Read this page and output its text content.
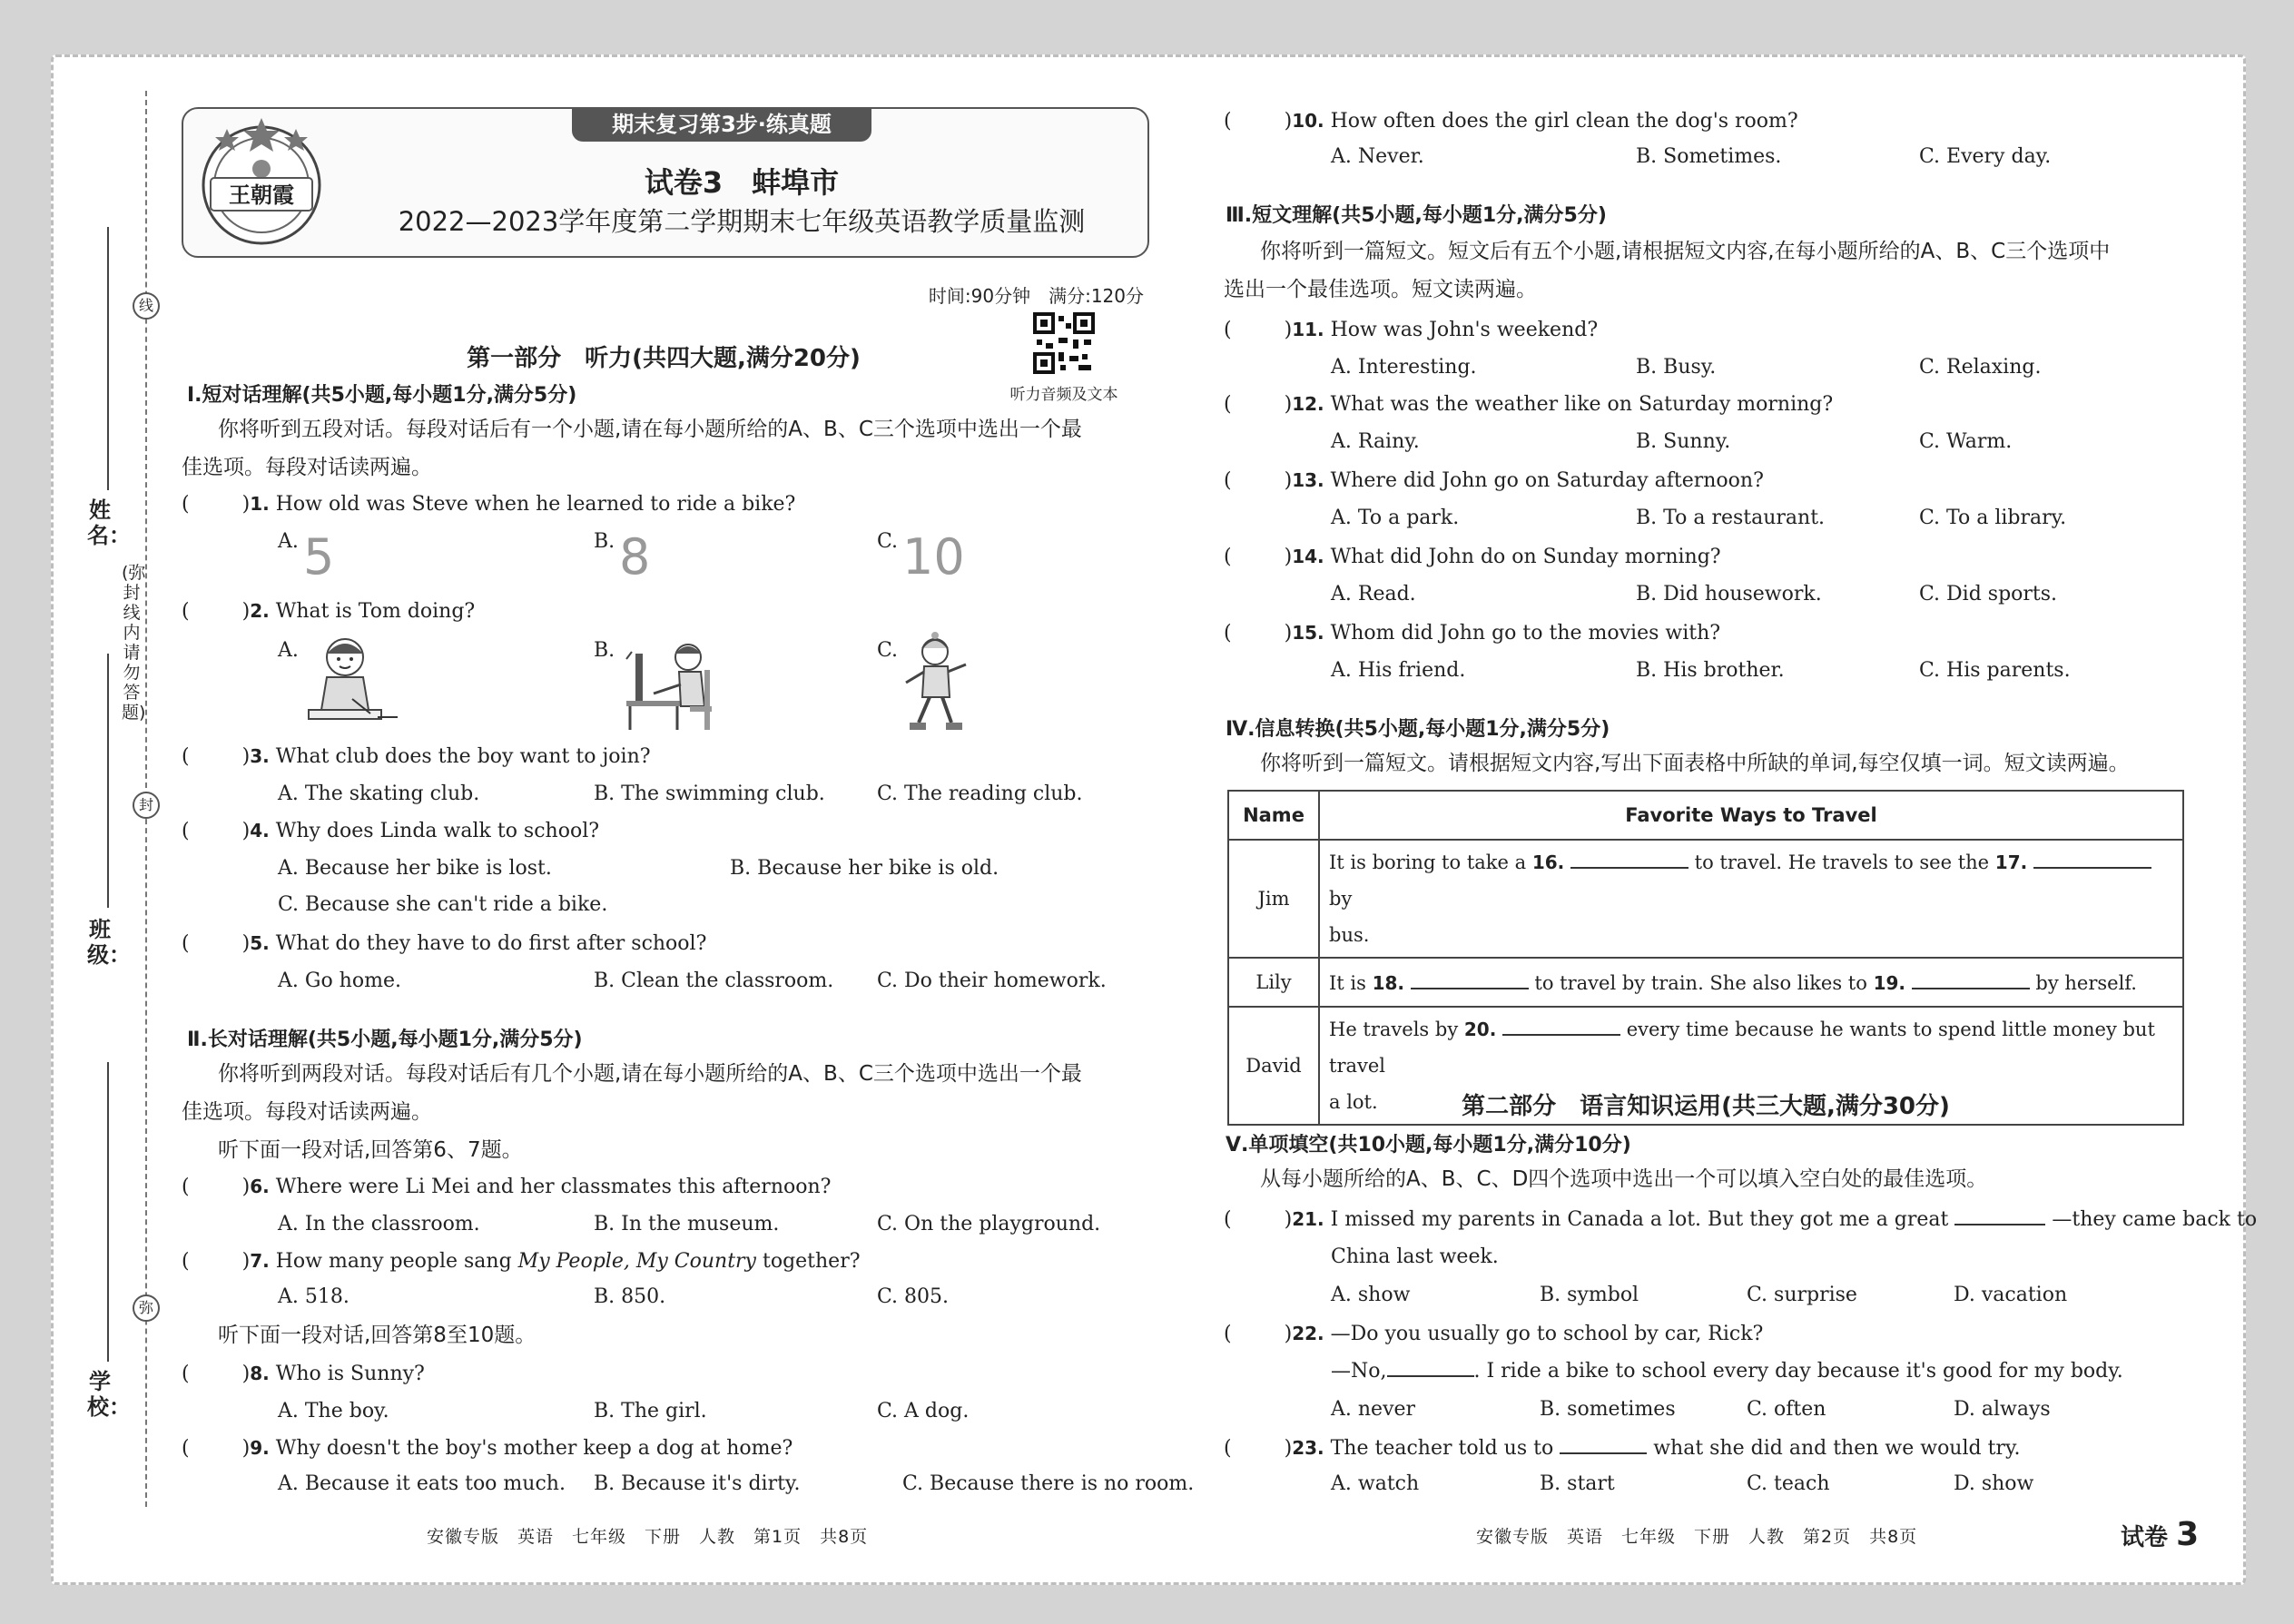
线
封
弥
(弥封线内请勿答题)
姓名：
班级：
学校：
王朝霞
期末复习第3步·练真题
试卷3　蚌埠市
2022—2023学年度第二学期期末七年级英语教学质量监测
时间:90分钟　满分:120分
听力音频及文本
第一部分　听力(共四大题,满分20分)
Ⅰ.短对话理解(共5小题,每小题1分,满分5分)
你将听到五段对话。每段对话后有一个小题,请在每小题所给的A、B、C三个选项中选出一个最
佳选项。每段对话读两遍。
(	)1. How old was Steve when he learned to ride a bike?
A. 5	B. 8	C. 10
(	)2. What is Tom doing?
A.	B.	C.
(	)3. What club does the boy want to join?
A. The skating club.	B. The swimming club.	C. The reading club.
(	)4. Why does Linda walk to school?
A. Because her bike is lost.	B. Because her bike is old.
C. Because she can't ride a bike.
(	)5. What do they have to do first after school?
A. Go home.	B. Clean the classroom. C. Do their homework.
Ⅱ.长对话理解(共5小题,每小题1分,满分5分)
你将听到两段对话。每段对话后有几个小题,请在每小题所给的A、B、C三个选项中选出一个最
佳选项。每段对话读两遍。
听下面一段对话,回答第6、7题。
(	)6. Where were Li Mei and her classmates this afternoon?
A. In the classroom.	B. In the museum.	C. On the playground.
(	)7. How many people sang My People, My Country together?
A. 518.	B. 850.	C. 805.
听下面一段对话,回答第8至10题。
(	)8. Who is Sunny?
A. The boy.	B. The girl.	C. A dog.
(	)9. Why doesn't the boy's mother keep a dog at home?
A. Because it eats too much. B. Because it's dirty.	C. Because there is no room.
安徽专版　英语　七年级　下册　人教　第1页　共8页
(	)10. How often does the girl clean the dog's room?
A. Never.	B. Sometimes.	C. Every day.
Ⅲ.短文理解(共5小题,每小题1分,满分5分)
你将听到一篇短文。短文后有五个小题,请根据短文内容,在每小题所给的A、B、C三个选项中
选出一个最佳选项。短文读两遍。
(	)11. How was John's weekend?
A. Interesting.	B. Busy.	C. Relaxing.
(	)12. What was the weather like on Saturday morning?
A. Rainy.	B. Sunny.	C. Warm.
(	)13. Where did John go on Saturday afternoon?
A. To a park.	B. To a restaurant.	C. To a library.
(	)14. What did John do on Sunday morning?
A. Read.	B. Did housework.	C. Did sports.
(	)15. Whom did John go to the movies with?
A. His friend.	B. His brother.	C. His parents.
Ⅳ.信息转换(共5小题,每小题1分,满分5分)
你将听到一篇短文。请根据短文内容,写出下面表格中所缺的单词,每空仅填一词。短文读两遍。
Name	Favorite Ways to Travel
Jim	It is boring to take a 16. to travel. He travels to see the 17.  by
bus.
Lily	It is 18. to travel by train. She also likes to 19. by herself.
David	He travels by 20. every time because he wants to spend little money but travel
a lot.	第二部分　语言知识运用(共三大题,满分30分)
Ⅴ.单项填空(共10小题,每小题1分,满分10分)
从每小题所给的A、B、C、D四个选项中选出一个可以填入空白处的最佳选项。
(	)21. I missed my parents in Canada a lot. But they got me a great	—they came back to
China last week.
A. show	B. symbol	C. surprise	D. vacation
(	)22. —Do you usually go to school by car, Rick?
—No,	. I ride a bike to school every day because it's good for my body.
A. never	B. sometimes	C. often	D. always
(	)23. The teacher told us to	what she did and then we would try.
A. watch	B. start	C. teach	D. show
安徽专版　英语　七年级　下册　人教　第2页　共8页	试卷 3
